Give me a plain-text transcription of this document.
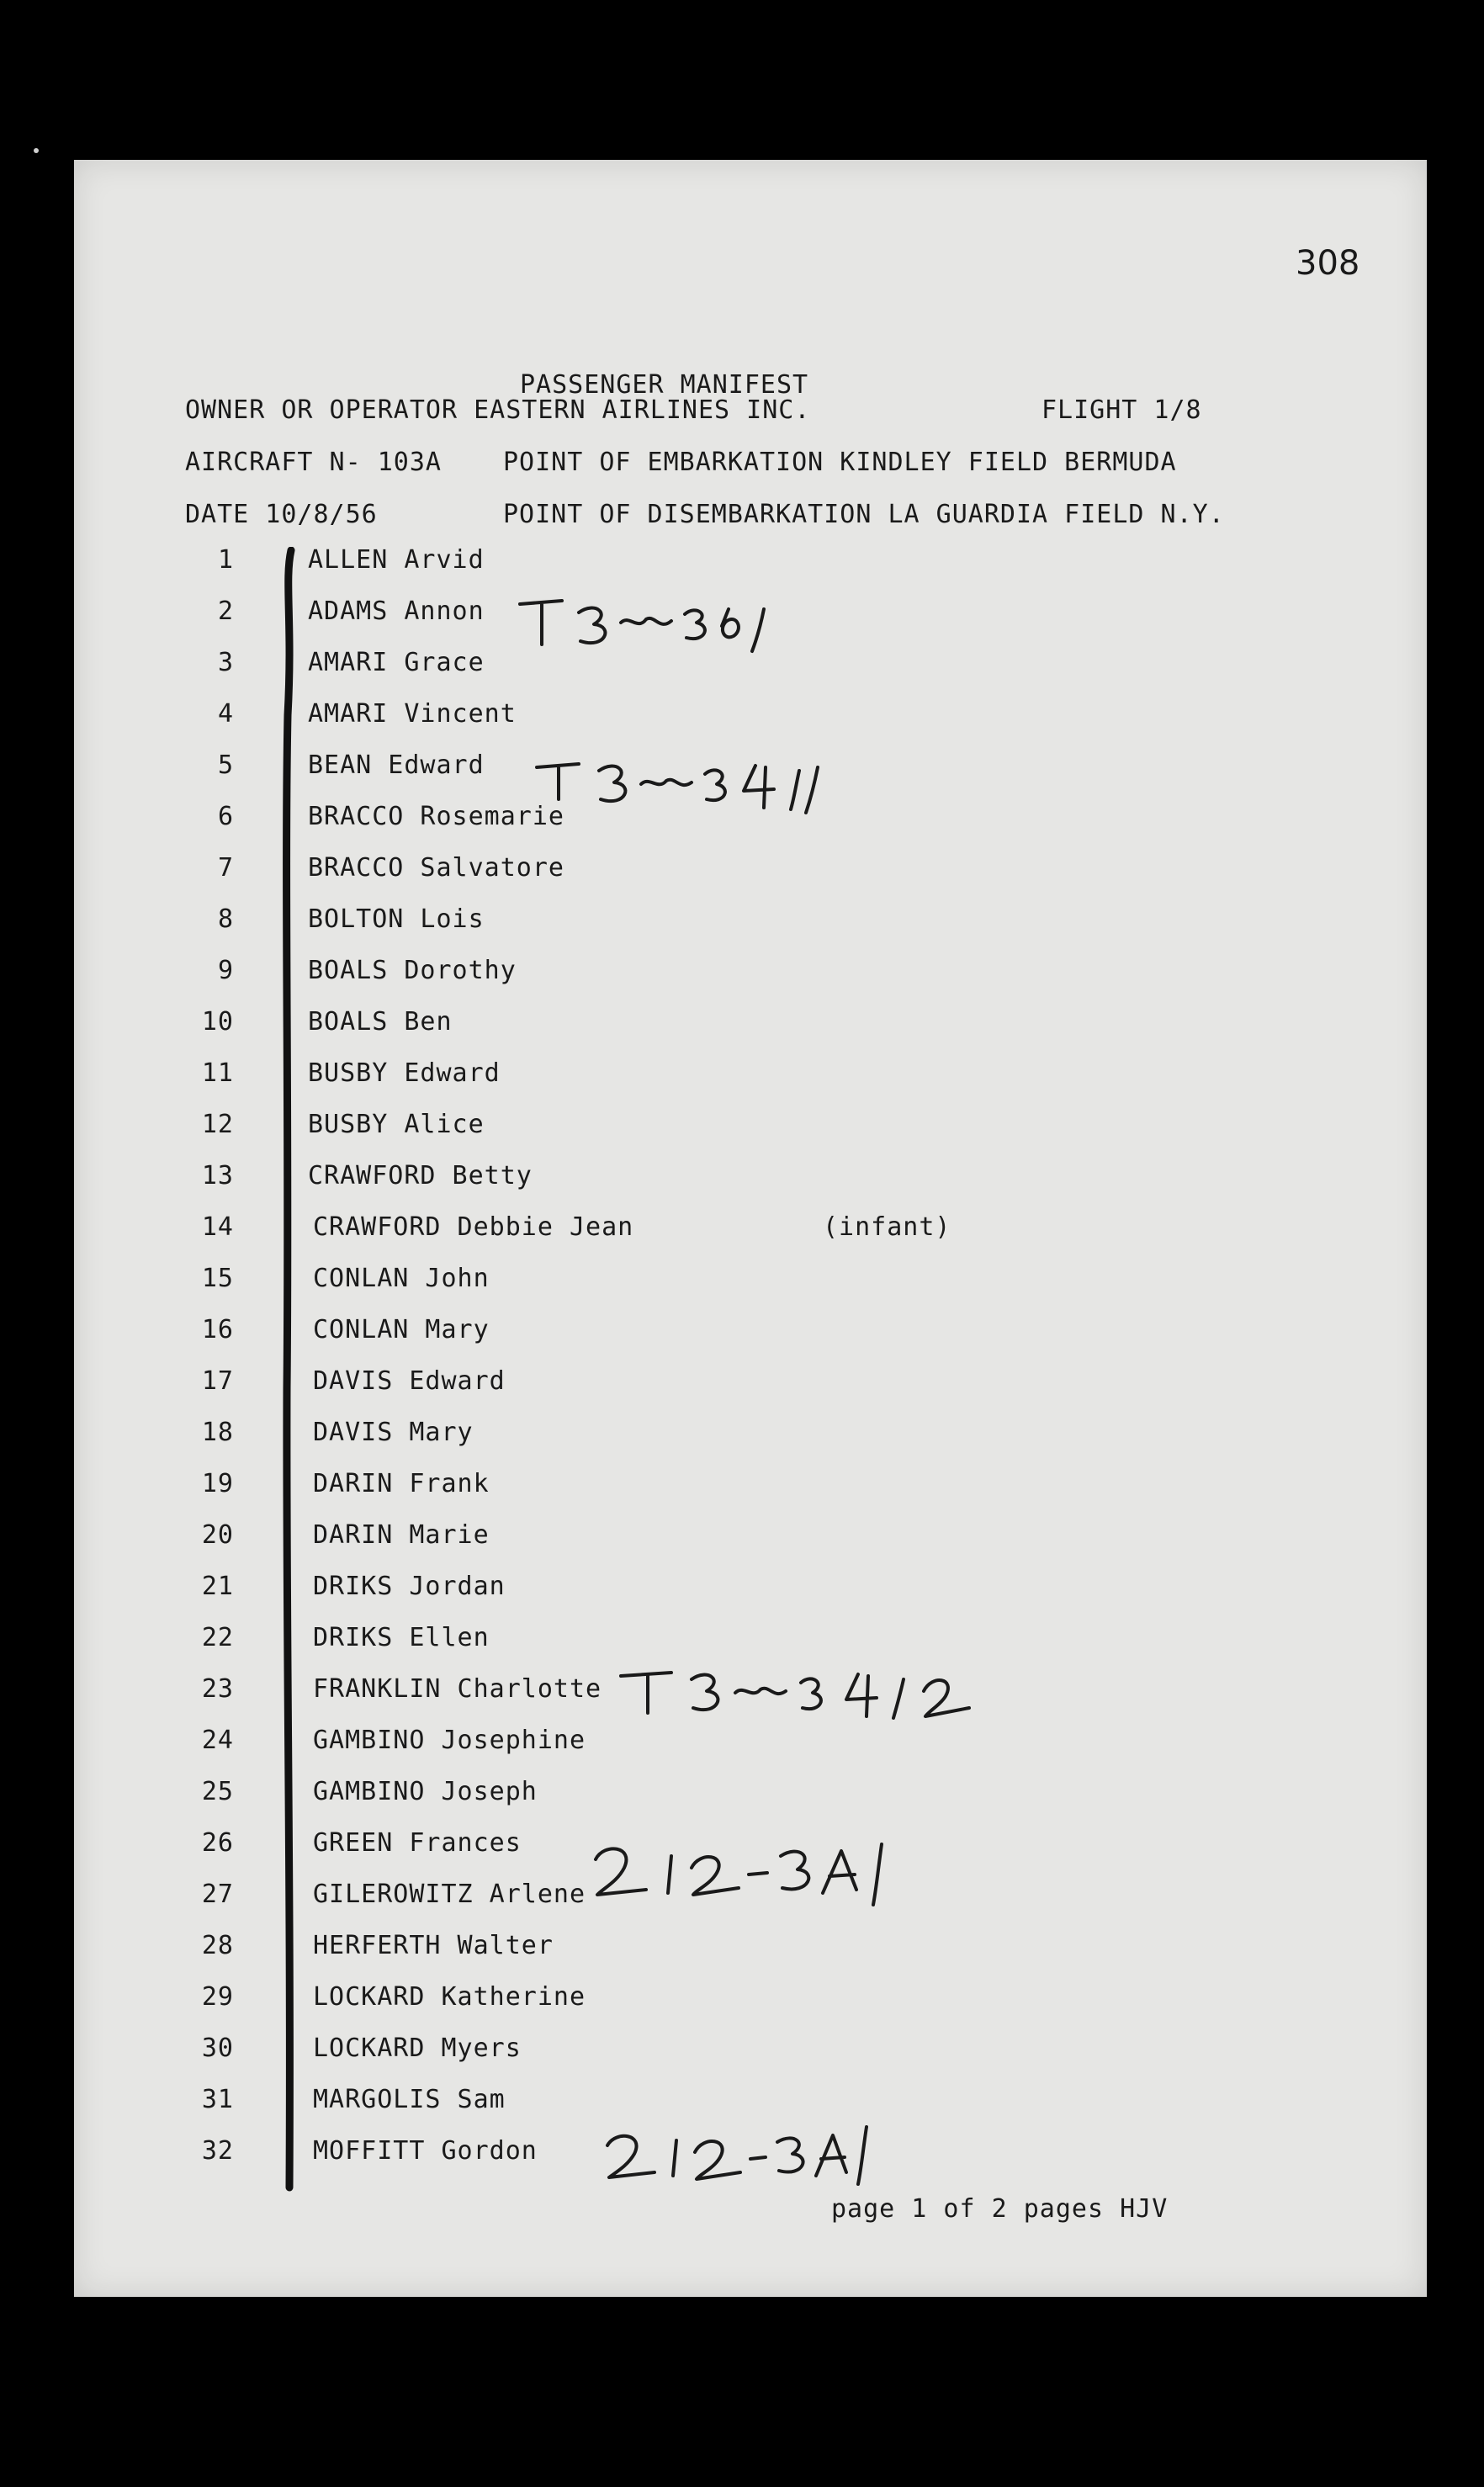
308
PASSENGER MANIFEST
OWNER OR OPERATOR EASTERN AIRLINES INC.	FLIGHT 1/8
AIRCRAFT N- 103A POINT OF EMBARKATION KINDLEY FIELD BERMUDA
DATE 10/8/56	POINT OF DISEMBARKATION LA GUARDIA FIELD N.Y.
1	ALLEN Arvid
2	ADAMS Annon
3	AMARI Grace
4	AMARI Vincent
5	BEAN Edward
6	BRACCO Rosemarie
7	BRACCO Salvatore
8	BOLTON Lois
9	BOALS Dorothy
10	BOALS Ben
11	BUSBY Edward
12	BUSBY Alice
13	CRAWFORD Betty
14	CRAWFORD Debbie Jean	(infant)
15	CONLAN John
16	CONLAN Mary
17	DAVIS Edward
18	DAVIS Mary
19	DARIN Frank
20	DARIN Marie
21	DRIKS Jordan
22	DRIKS Ellen
23	FRANKLIN Charlotte
24	GAMBINO Josephine
25	GAMBINO Joseph
26	GREEN Frances
27	GILEROWITZ Arlene
28	HERFERTH Walter
29	LOCKARD Katherine
30	LOCKARD Myers
31	MARGOLIS Sam
32	MOFFITT Gordon
page 1 of 2 pages HJV
